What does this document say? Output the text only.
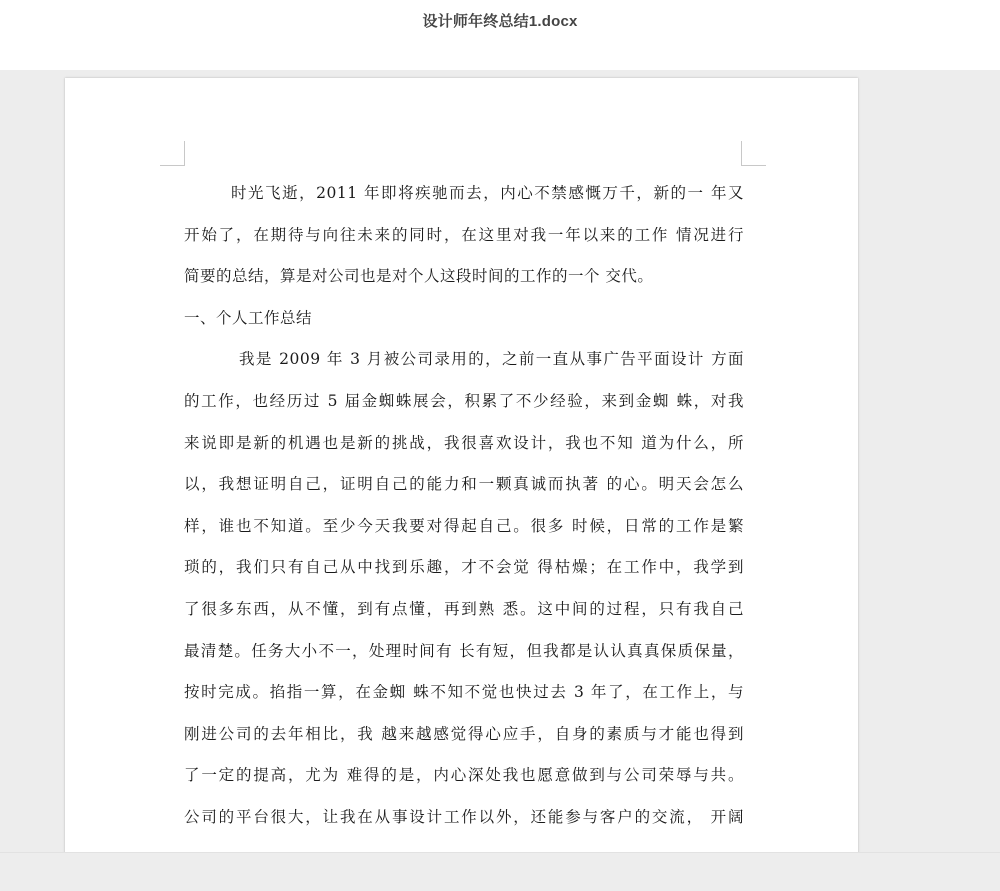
设计师年终总结1.docx
时光飞逝，2011 年即将疾驰而去，内心不禁感慨万千，新的一 年又
开始了，在期待与向往未来的同时，在这里对我一年以来的工作 情况进行
简要的总结，算是对公司也是对个人这段时间的工作的一个 交代。
一、个人工作总结
我是 2009 年 3 月被公司录用的，之前一直从事广告平面设计 方面
的工作，也经历过 5 届金蜘蛛展会，积累了不少经验，来到金蜘 蛛，对我
来说即是新的机遇也是新的挑战，我很喜欢设计，我也不知 道为什么，所
以，我想证明自己，证明自己的能力和一颗真诚而执著 的心。明天会怎么
样，谁也不知道。至少今天我要对得起自己。很多 时候，日常的工作是繁
琐的，我们只有自己从中找到乐趣，才不会觉 得枯燥；在工作中，我学到
了很多东西，从不懂，到有点懂，再到熟 悉。这中间的过程，只有我自己
最清楚。任务大小不一，处理时间有 长有短，但我都是认认真真保质保量，
按时完成。掐指一算，在金蜘 蛛不知不觉也快过去 3 年了，在工作上，与
刚进公司的去年相比，我 越来越感觉得心应手，自身的素质与才能也得到
了一定的提高，尤为 难得的是，内心深处我也愿意做到与公司荣辱与共。
公司的平台很大，让我在从事设计工作以外，还能参与客户的交流， 开阔
